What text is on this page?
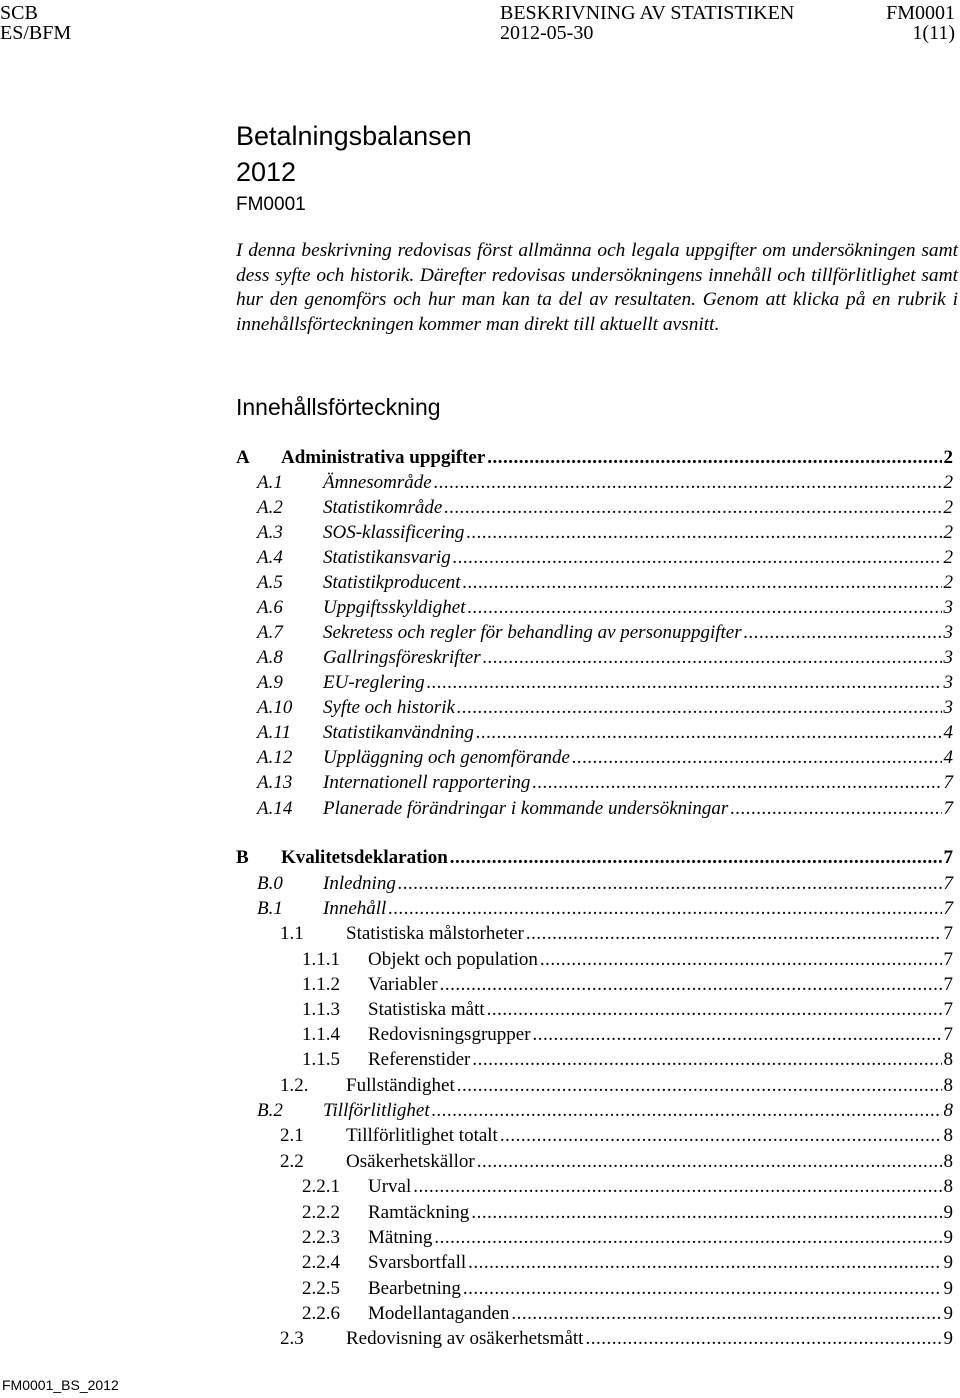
SCB	BESKRIVNING AV STATISTIKEN	FM0001
ES/BFM	2012-05-30	1(11)
Betalningsbalansen
2012
FM0001

I denna beskrivning redovisas först allmänna och legala uppgifter om undersökningen samt dess syfte och historik. Därefter redovisas undersökningens innehåll och tillförlitlighet samt hur den genomförs och hur man kan ta del av resultaten. Genom att klicka på en rubrik i innehållsförteckningen kommer man direkt till aktuellt avsnitt.

Innehållsförteckning
A	Administrativa uppgifter .....	2
A.1	Ämnesområde .....	2
A.2	Statistikområde .....	2
A.3	SOS-klassificering .....	2
A.4	Statistikansvarig .....	2
A.5	Statistikproducent .....	2
A.6	Uppgiftsskyldighet .....	3
A.7	Sekretess och regler för behandling av personuppgifter .....	3
A.8	Gallringsföreskrifter .....	3
A.9	EU-reglering .....	3
A.10	Syfte och historik .....	3
A.11	Statistikanvändning .....	4
A.12	Uppläggning och genomförande .....	4
A.13	Internationell rapportering .....	7
A.14	Planerade förändringar i kommande undersökningar .....	7
B	Kvalitetsdeklaration .....	7
B.0	Inledning .....	7
B.1	Innehåll .....	7
1.1	Statistiska målstorheter .....	7
1.1.1	Objekt och population .....	7
1.1.2	Variabler .....	7
1.1.3	Statistiska mått .....	7
1.1.4	Redovisningsgrupper .....	7
1.1.5	Referenstider .....	8
1.2.	Fullständighet .....	8
B.2	Tillförlitlighet .....	8
2.1	Tillförlitlighet totalt .....	8
2.2	Osäkerhetskällor .....	8
2.2.1	Urval .....	8
2.2.2	Ramtäckning .....	9
2.2.3	Mätning .....	9
2.2.4	Svarsbortfall .....	9
2.2.5	Bearbetning .....	9
2.2.6	Modellantaganden .....	9
2.3	Redovisning av osäkerhetsmått .....	9
FM0001_BS_2012
